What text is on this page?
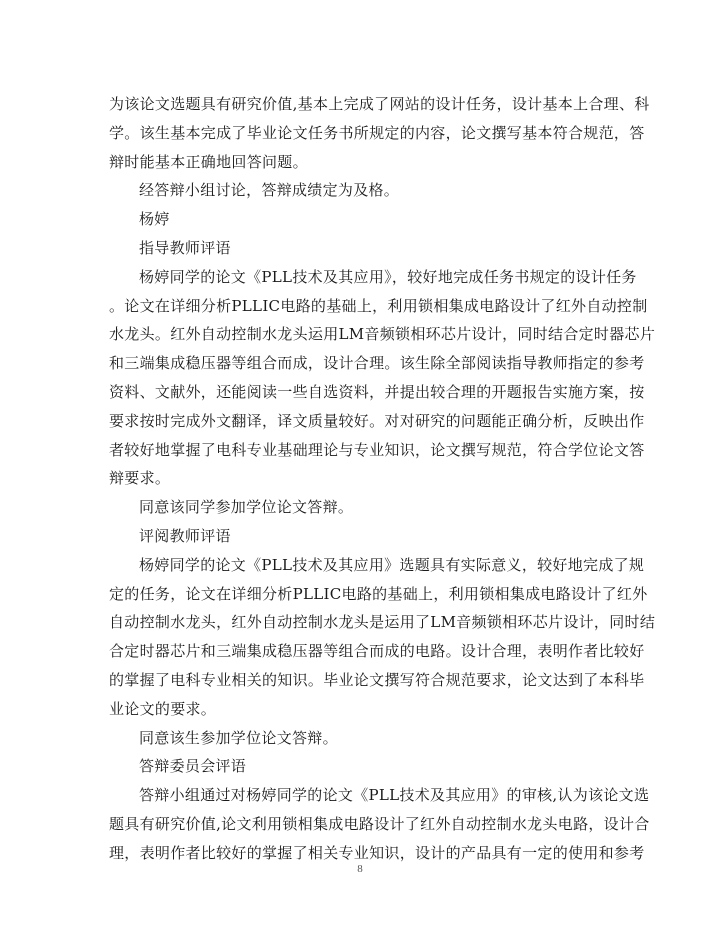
为该论文选题具有研究价值,基本上完成了网站的设计任务，设计基本上合理、科

学。该生基本完成了毕业论文任务书所规定的内容，论文撰写基本符合规范，答

辩时能基本正确地回答问题。

经答辩小组讨论，答辩成绩定为及格。

杨婷

指导教师评语

杨婷同学的论文《PLL技术及其应用》，较好地完成任务书规定的设计任务

。论文在详细分析PLLIC电路的基础上，利用锁相集成电路设计了红外自动控制

水龙头。红外自动控制水龙头运用LM音频锁相环芯片设计，同时结合定时器芯片

和三端集成稳压器等组合而成，设计合理。该生除全部阅读指导教师指定的参考

资料、文献外，还能阅读一些自选资料，并提出较合理的开题报告实施方案，按

要求按时完成外文翻译，译文质量较好。对对研究的问题能正确分析，反映出作

者较好地掌握了电科专业基础理论与专业知识，论文撰写规范，符合学位论文答

辩要求。

同意该同学参加学位论文答辩。

评阅教师评语

杨婷同学的论文《PLL技术及其应用》选题具有实际意义，较好地完成了规

定的任务，论文在详细分析PLLIC电路的基础上，利用锁相集成电路设计了红外

自动控制水龙头，红外自动控制水龙头是运用了LM音频锁相环芯片设计，同时结

合定时器芯片和三端集成稳压器等组合而成的电路。设计合理，表明作者比较好

的掌握了电科专业相关的知识。毕业论文撰写符合规范要求，论文达到了本科毕

业论文的要求。

同意该生参加学位论文答辩。

答辩委员会评语

答辩小组通过对杨婷同学的论文《PLL技术及其应用》的审核,认为该论文选

题具有研究价值,论文利用锁相集成电路设计了红外自动控制水龙头电路，设计合

理，表明作者比较好的掌握了相关专业知识，设计的产品具有一定的使用和参考

8
